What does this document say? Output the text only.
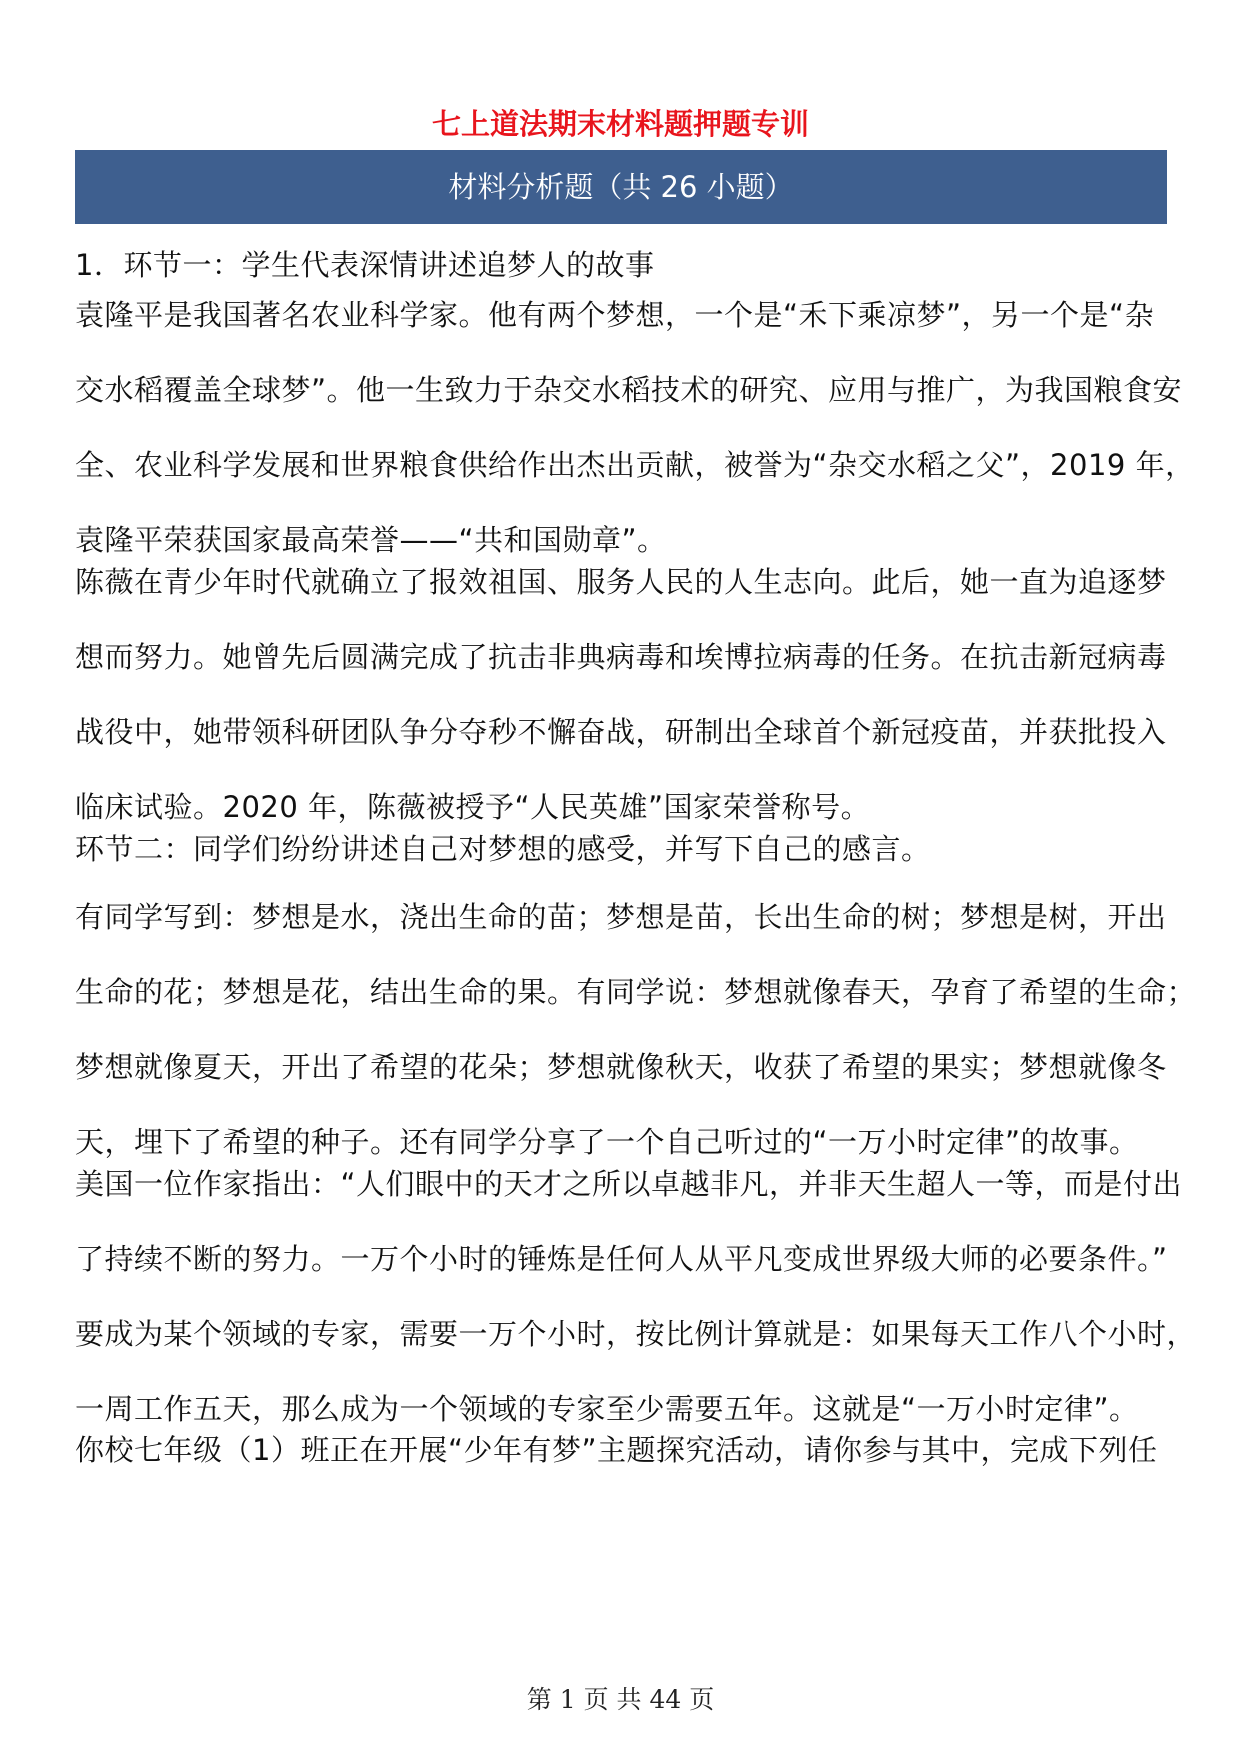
七上道法期末材料题押题专训
材料分析题（共 26 小题）
1．环节一：学生代表深情讲述追梦人的故事
袁隆平是我国著名农业科学家。他有两个梦想，一个是“禾下乘凉梦”，另一个是“杂
交水稻覆盖全球梦”。他一生致力于杂交水稻技术的研究、应用与推广，为我国粮食安
全、农业科学发展和世界粮食供给作出杰出贡献，被誉为“杂交水稻之父”，2019 年，
袁隆平荣获国家最高荣誉——“共和国勋章”。
陈薇在青少年时代就确立了报效祖国、服务人民的人生志向。此后，她一直为追逐梦
想而努力。她曾先后圆满完成了抗击非典病毒和埃博拉病毒的任务。在抗击新冠病毒
战役中，她带领科研团队争分夺秒不懈奋战，研制出全球首个新冠疫苗，并获批投入
临床试验。2020 年，陈薇被授予“人民英雄”国家荣誉称号。
环节二：同学们纷纷讲述自己对梦想的感受，并写下自己的感言。
有同学写到：梦想是水，浇出生命的苗；梦想是苗，长出生命的树；梦想是树，开出
生命的花；梦想是花，结出生命的果。有同学说：梦想就像春天，孕育了希望的生命；
梦想就像夏天，开出了希望的花朵；梦想就像秋天，收获了希望的果实；梦想就像冬
天，埋下了希望的种子。还有同学分享了一个自己听过的“一万小时定律”的故事。
美国一位作家指出：“人们眼中的天才之所以卓越非凡，并非天生超人一等，而是付出
了持续不断的努力。一万个小时的锤炼是任何人从平凡变成世界级大师的必要条件。”
要成为某个领域的专家，需要一万个小时，按比例计算就是：如果每天工作八个小时，
一周工作五天，那么成为一个领域的专家至少需要五年。这就是“一万小时定律”。
你校七年级（1）班正在开展“少年有梦”主题探究活动，请你参与其中，完成下列任
第 1 页 共 44 页
